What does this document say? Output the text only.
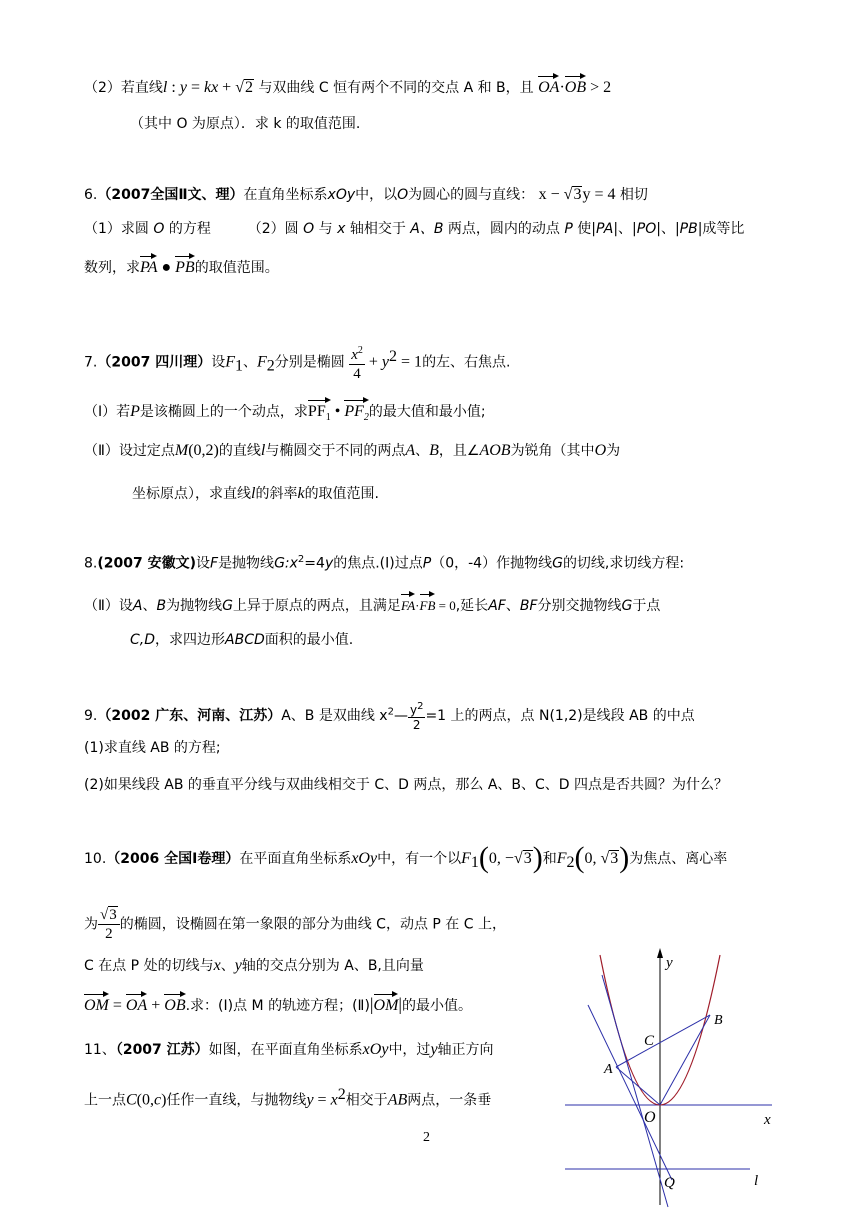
（2）若直线l : y = kx + √2 与双曲线 C 恒有两个不同的交点 A 和 B，且 OA·OB > 2
（其中 O 为原点）．求 k 的取值范围.
6.（2007全国Ⅱ文、理）在直角坐标系xOy中，以O为圆心的圆与直线： x − √3y = 4 相切
（1）求圆 O 的方程	（2）圆 O 与 x 轴相交于 A、B 两点，圆内的动点 P 使|PA|、|PO|、|PB|成等比
数列，求PA ● PB的取值范围。
7.（2007 四川理）设$F_1$、$F_2$分别是椭圆 $\frac{x^2}{4} + y^2 = 1$的左、右焦点.
（Ⅰ）若P是该椭圆上的一个动点，求$PF_1$ • $PF_2$的最大值和最小值;
（Ⅱ）设过定点M(0,2)的直线l与椭圆交于不同的两点A、B，且∠AOB为锐角（其中O为
坐标原点），求直线l的斜率k的取值范围.
8.(2007 安徽文)设F是抛物线$G:x^2=4y$的焦点.(Ⅰ)过点P（0，-4）作抛物线G的切线,求切线方程:
（Ⅱ）设A、B为抛物线G上异于原点的两点，且满足FA·FB = 0,延长AF、BF分别交抛物线G于点
C,D，求四边形ABCD面积的最小值.
9.（2002 广东、河南、江苏）A、B 是双曲线 $x^2— \frac{y^2}{2} =1$ 上的两点，点 N(1,2)是线段 AB 的中点
(1)求直线 AB 的方程;
(2)如果线段 AB 的垂直平分线与双曲线相交于 C、D 两点，那么 A、B、C、D 四点是否共圆？为什么？
10.（2006 全国Ⅰ卷理）在平面直角坐标系xOy中，有一个以$F_1(0$, −√3)和$F_2(0$, √3)为焦点、离心率
为 $\frac{√3}{2}$ 的椭圆，设椭圆在第一象限的部分为曲线 C，动点 P 在 C 上，
C 在点 P 处的切线与x、y轴的交点分别为 A、B,且向量
OM = OA + OB.求：(Ⅰ)点 M 的轨迹方程；(Ⅱ)|OM|的最小值。
11、（2007 江苏）如图，在平面直角坐标系xOy中，过y轴正方向
上一点C(0,c)任作一直线，与抛物线$y = x^2$相交于AB两点，一条垂
2
y
B
C
A
O	x
Q	l
